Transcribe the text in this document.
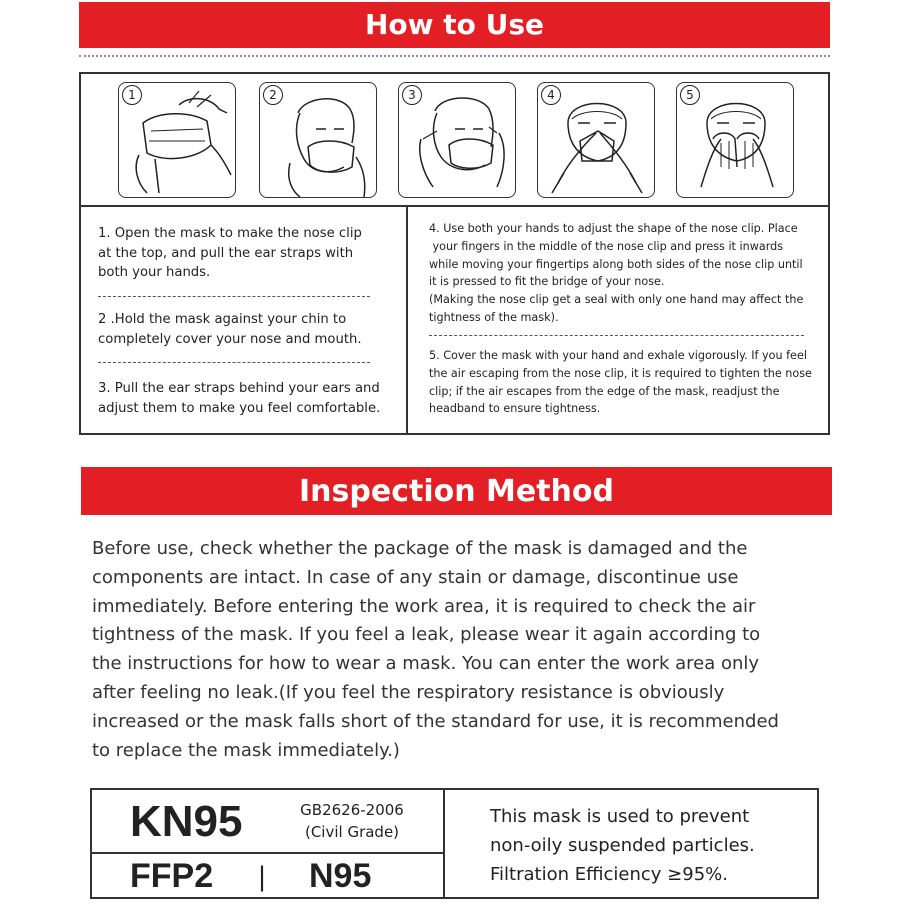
How to Use
1	2	3	4	5
1. Open the mask to make the nose clip
at the top, and pull the ear straps with
both your hands.
2 .Hold the mask against your chin to
completely cover your nose and mouth.
3. Pull the ear straps behind your ears and
adjust them to make you feel comfortable.
4. Use both your hands to adjust the shape of the nose clip. Place
your fingers in the middle of the nose clip and press it inwards
while moving your fingertips along both sides of the nose clip until
it is pressed to fit the bridge of your nose.
(Making the nose clip get a seal with only one hand may affect the
tightness of the mask).
5. Cover the mask with your hand and exhale vigorously. If you feel
the air escaping from the nose clip, it is required to tighten the nose
clip; if the air escapes from the edge of the mask, readjust the
headband to ensure tightness.
Inspection Method

Before use, check whether the package of the mask is damaged and the

components are intact. In case of any stain or damage, discontinue use

immediately. Before entering the work area, it is required to check the air

tightness of the mask. If you feel a leak, please wear it again according to

the instructions for how to wear a mask. You can enter the work area only

after feeling no leak.(If you feel the respiratory resistance is obviously

increased or the mask falls short of the standard for use, it is recommended

to replace the mask immediately.)

KN95	GB2626-2006
(Civil Grade)
FFP2 | N95

This mask is used to prevent

non-oily suspended particles.

Filtration Efficiency ≥95%.
